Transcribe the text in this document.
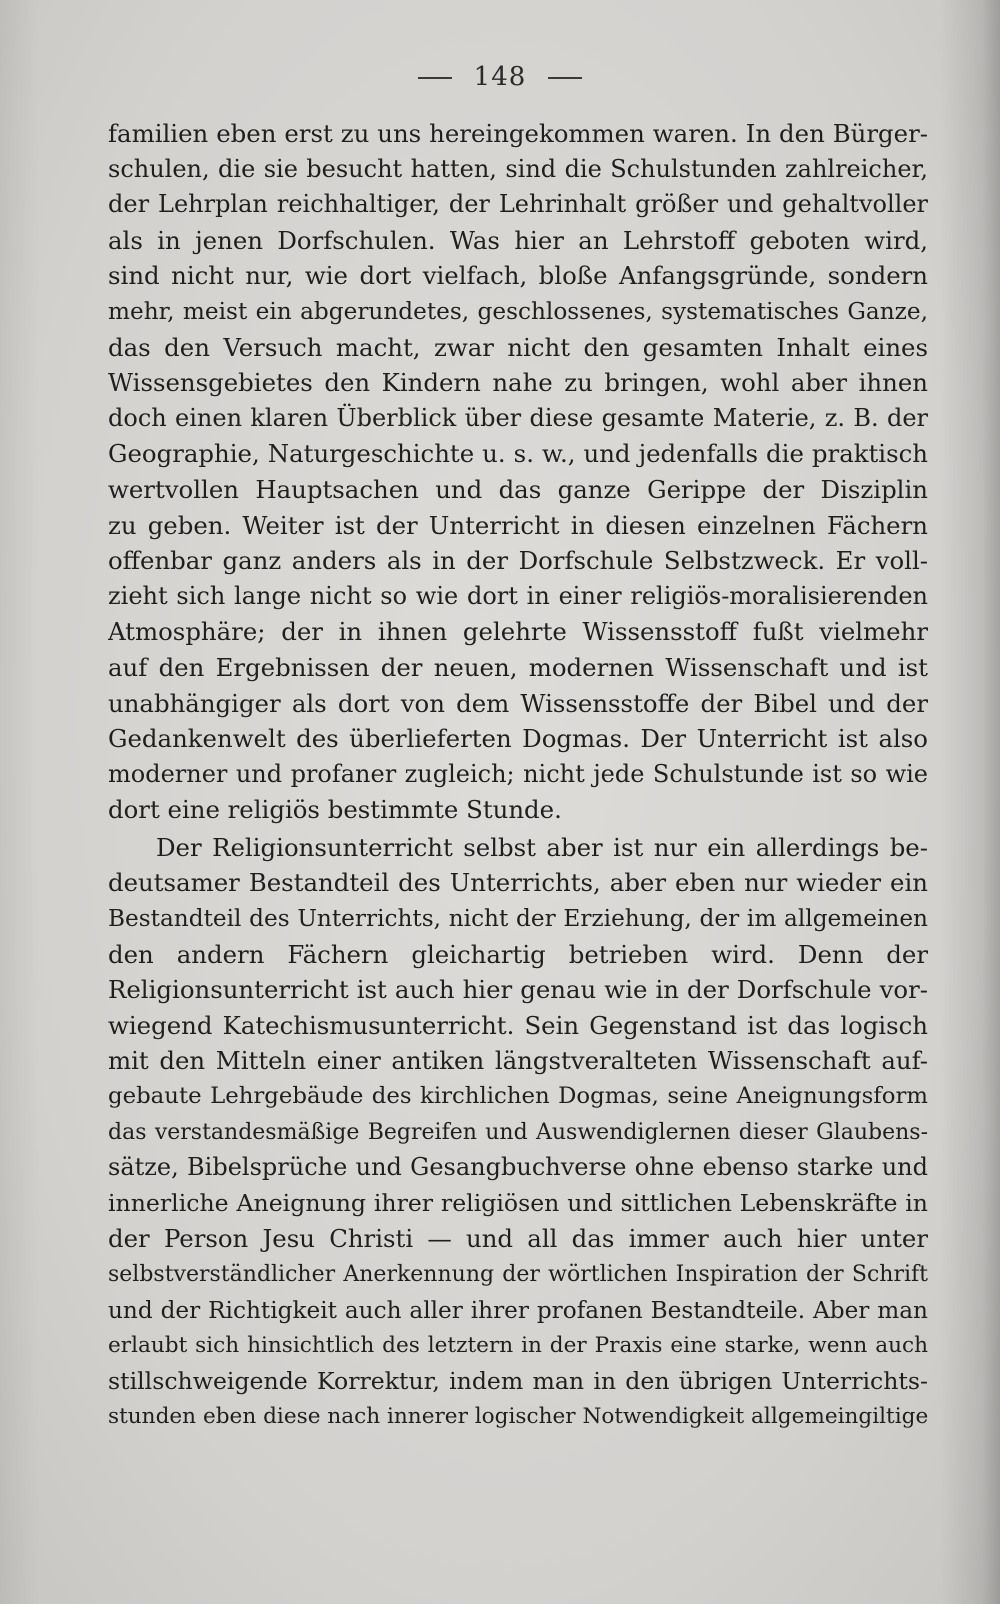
148
familien eben erst zu uns hereingekommen waren. In den Bürger-
schulen, die sie besucht hatten, sind die Schulstunden zahlreicher,
der Lehrplan reichhaltiger, der Lehrinhalt größer und gehaltvoller
als in jenen Dorfschulen. Was hier an Lehrstoff geboten wird,
sind nicht nur, wie dort vielfach, bloße Anfangsgründe, sondern
mehr, meist ein abgerundetes, geschlossenes, systematisches Ganze,
das den Versuch macht, zwar nicht den gesamten Inhalt eines
Wissensgebietes den Kindern nahe zu bringen, wohl aber ihnen
doch einen klaren Überblick über diese gesamte Materie, z. B. der
Geographie, Naturgeschichte u. s. w., und jedenfalls die praktisch
wertvollen Hauptsachen und das ganze Gerippe der Disziplin
zu geben. Weiter ist der Unterricht in diesen einzelnen Fächern
offenbar ganz anders als in der Dorfschule Selbstzweck. Er voll-
zieht sich lange nicht so wie dort in einer religiös-moralisierenden
Atmosphäre; der in ihnen gelehrte Wissensstoff fußt vielmehr
auf den Ergebnissen der neuen, modernen Wissenschaft und ist
unabhängiger als dort von dem Wissensstoffe der Bibel und der
Gedankenwelt des überlieferten Dogmas. Der Unterricht ist also
moderner und profaner zugleich; nicht jede Schulstunde ist so wie
dort eine religiös bestimmte Stunde.
Der Religionsunterricht selbst aber ist nur ein allerdings be-
deutsamer Bestandteil des Unterrichts, aber eben nur wieder ein
Bestandteil des Unterrichts, nicht der Erziehung, der im allgemeinen
den andern Fächern gleichartig betrieben wird. Denn der
Religionsunterricht ist auch hier genau wie in der Dorfschule vor-
wiegend Katechismusunterricht. Sein Gegenstand ist das logisch
mit den Mitteln einer antiken längstveralteten Wissenschaft auf-
gebaute Lehrgebäude des kirchlichen Dogmas, seine Aneignungsform
das verstandesmäßige Begreifen und Auswendiglernen dieser Glaubens-
sätze, Bibelsprüche und Gesangbuchverse ohne ebenso starke und
innerliche Aneignung ihrer religiösen und sittlichen Lebenskräfte in
der Person Jesu Christi — und all das immer auch hier unter
selbstverständlicher Anerkennung der wörtlichen Inspiration der Schrift
und der Richtigkeit auch aller ihrer profanen Bestandteile. Aber man
erlaubt sich hinsichtlich des letztern in der Praxis eine starke, wenn auch
stillschweigende Korrektur, indem man in den übrigen Unterrichts-
stunden eben diese nach innerer logischer Notwendigkeit allgemeingiltige
